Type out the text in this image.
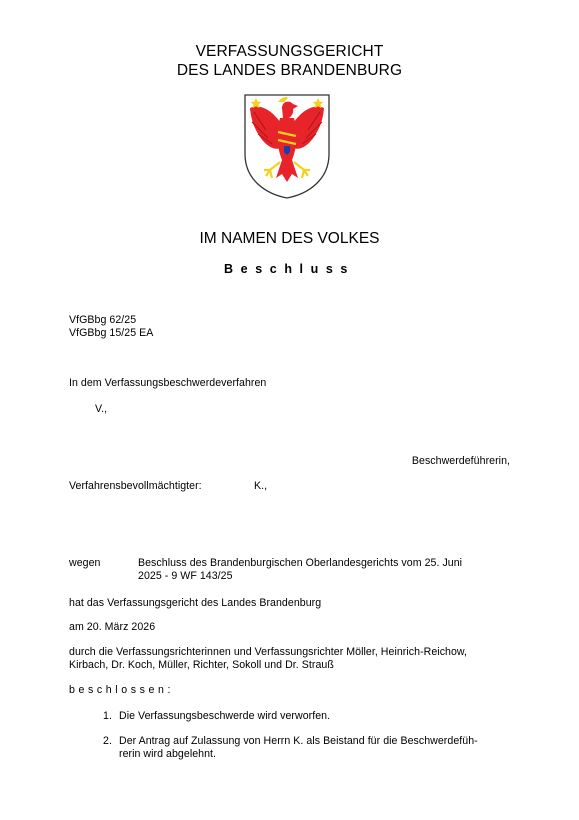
VERFASSUNGSGERICHT
DES LANDES BRANDENBURG
IM NAMEN DES VOLKES
Beschluss
VfGBbg 62/25
VfGBbg 15/25 EA
In dem Verfassungsbeschwerdeverfahren
V.,
Beschwerdeführerin,
Verfahrensbevollmächtigter:	K.,
wegen	Beschluss des Brandenburgischen Oberlandesgerichts vom 25. Juni
2025 - 9 WF 143/25
hat das Verfassungsgericht des Landes Brandenburg
am 20. März 2026
durch die Verfassungsrichterinnen und Verfassungsrichter Möller, Heinrich-Reichow,
Kirbach, Dr. Koch, Müller, Richter, Sokoll und Dr. Strauß
beschlossen:
1. Die Verfassungsbeschwerde wird verworfen.
2. Der Antrag auf Zulassung von Herrn K. als Beistand für die Beschwerdefüh-
rerin wird abgelehnt.
